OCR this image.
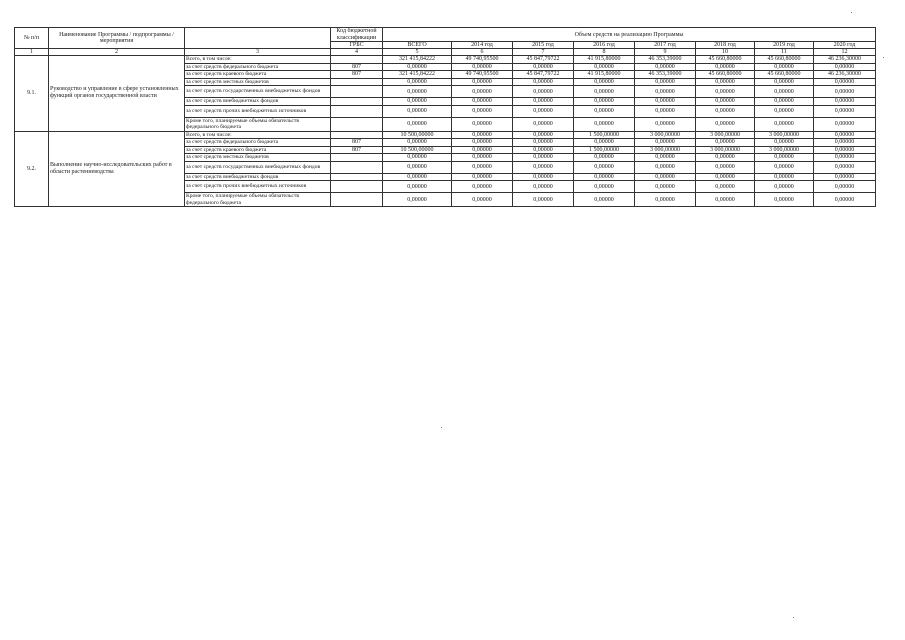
№ п/п	Наименование Программы / подпрограммы / мероприятия		Код бюджетной классификации	Объем средств на реализацию Программы							
			ГРБС	ВСЕГО	2014 год	2015 год	2016 год	2017 год	2018 год	2019 год	2020 год
1	2	3	4	5	6	7	8	9	10	11	12
9.1.	Руководство и управление в сфере установленных функций органов государственной власти	Всего, в том числе:		321 415,84222	49 740,95500	45 847,79722	41 915,80000	46 353,39000	45 660,80000	45 660,80000	46 236,30000
		за счет средств федерального бюджета	807	0,00000	0,00000	0,00000	0,00000	0,00000	0,00000	0,00000	0,00000
		за счет средств краевого бюджета	807	321 415,84222	49 740,95500	45 847,79722	41 915,80000	46 353,39000	45 660,80000	45 660,80000	46 236,30000
		за счет средств местных бюджетов		0,00000	0,00000	0,00000	0,00000	0,00000	0,00000	0,00000	0,00000
		за счет средств государственных внебюджетных фондов		0,00000	0,00000	0,00000	0,00000	0,00000	0,00000	0,00000	0,00000
		за счет средств внебюджетных фондов		0,00000	0,00000	0,00000	0,00000	0,00000	0,00000	0,00000	0,00000
		за счет средств прочих внебюджетных источников		0,00000	0,00000	0,00000	0,00000	0,00000	0,00000	0,00000	0,00000
		Кроме того, планируемые объемы обязательств федерального бюджета		0,00000	0,00000	0,00000	0,00000	0,00000	0,00000	0,00000	0,00000
9.2.	Выполнение научно-исследовательских работ в области растениеводства	Всего, в том числе:		10 500,00000	0,00000	0,00000	1 500,00000	3 000,00000	3 000,00000	3 000,00000	0,00000
		за счет средств федерального бюджета	807	0,00000	0,00000	0,00000	0,00000	0,00000	0,00000	0,00000	0,00000
		за счет средств краевого бюджета	807	10 500,00000	0,00000	0,00000	1 500,00000	3 000,00000	3 000,00000	3 000,00000	0,00000
		за счет средств местных бюджетов		0,00000	0,00000	0,00000	0,00000	0,00000	0,00000	0,00000	0,00000
		за счет средств государственных внебюджетных фондов		0,00000	0,00000	0,00000	0,00000	0,00000	0,00000	0,00000	0,00000
		за счет средств внебюджетных фондов		0,00000	0,00000	0,00000	0,00000	0,00000	0,00000	0,00000	0,00000
		за счет средств прочих внебюджетных источников		0,00000	0,00000	0,00000	0,00000	0,00000	0,00000	0,00000	0,00000
		Кроме того, планируемые объемы обязательств федерального бюджета		0,00000	0,00000	0,00000	0,00000	0,00000	0,00000	0,00000	0,00000
